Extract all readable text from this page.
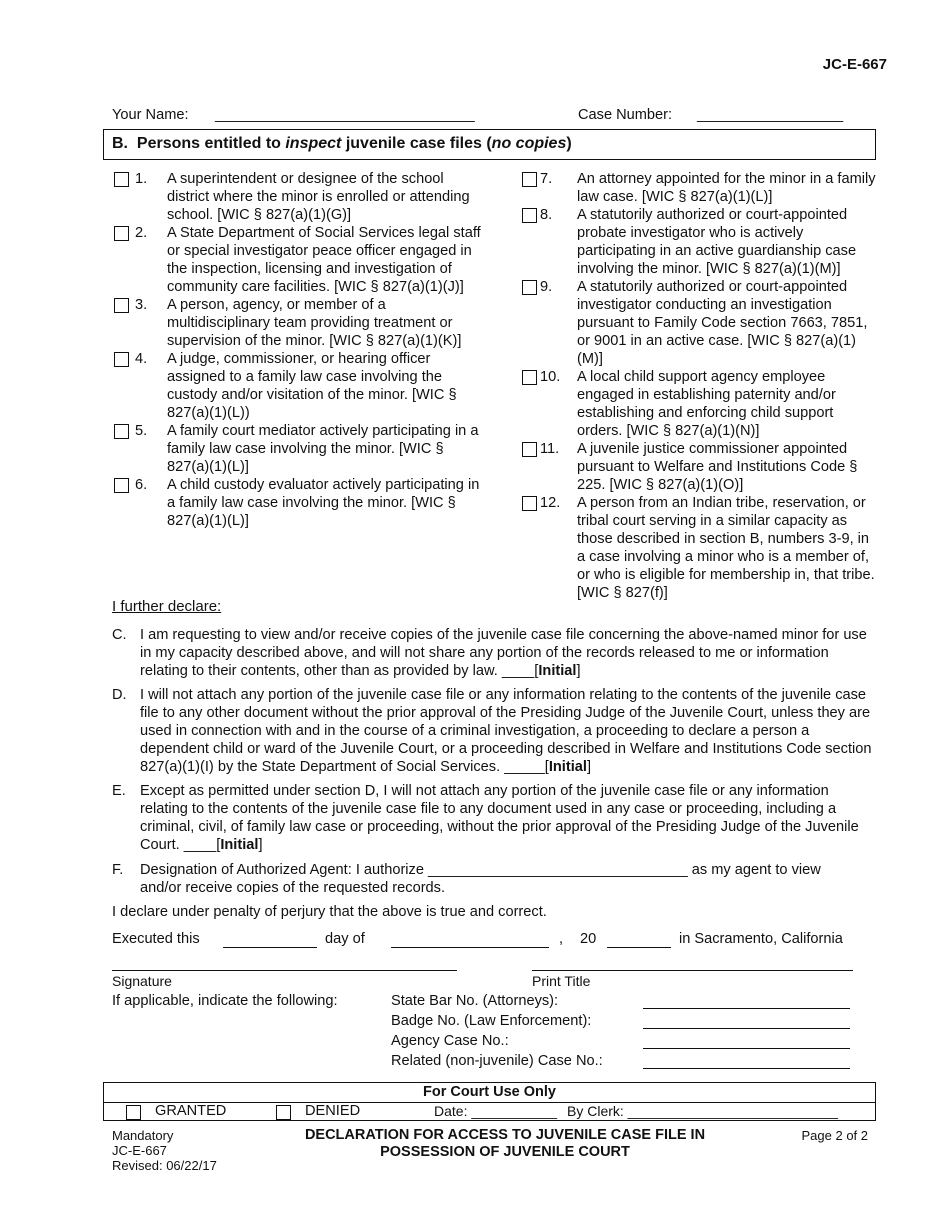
JC-E-667
Your Name: ________________________________	Case Number: __________________
B. Persons entitled to inspect juvenile case files (no copies)

1.	A superintendent or designee of the school district where the minor is enrolled or attending school. [WIC § 827(a)(1)(G)]

2.	A State Department of Social Services legal staff or special investigator peace officer engaged in the inspection, licensing and investigation of community care facilities. [WIC § 827(a)(1)(J)]

3.	A person, agency, or member of a multidisciplinary team providing treatment or supervision of the minor. [WIC § 827(a)(1)(K)]

4.	A judge, commissioner, or hearing officer assigned to a family law case involving the custody and/or visitation of the minor. [WIC § 827(a)(1)(L))

5.	A family court mediator actively participating in a family law case involving the minor. [WIC § 827(a)(1)(L)]

6.	A child custody evaluator actively participating in a family law case involving the minor. [WIC § 827(a)(1)(L)]

7.	An attorney appointed for the minor in a family law case. [WIC § 827(a)(1)(L)]

8.	A statutorily authorized or court-appointed probate investigator who is actively participating in an active guardianship case involving the minor. [WIC § 827(a)(1)(M)]

9.	A statutorily authorized or court-appointed investigator conducting an investigation pursuant to Family Code section 7663, 7851, or 9001 in an active case. [WIC § 827(a)(1)(M)]

10.	A local child support agency employee engaged in establishing paternity and/or establishing and enforcing child support orders. [WIC § 827(a)(1)(N)]

11.	A juvenile justice commissioner appointed pursuant to Welfare and Institutions Code § 225. [WIC § 827(a)(1)(O)]

12.	A person from an Indian tribe, reservation, or tribal court serving in a similar capacity as those described in section B, numbers 3-9, in a case involving a minor who is a member of, or who is eligible for membership in, that tribe. [WIC § 827(f)]

I further declare:
C. I am requesting to view and/or receive copies of the juvenile case file concerning the above-named minor for use in my capacity described above, and will not share any portion of the records released to me or information relating to their contents, other than as provided by law. ____[Initial]
D. I will not attach any portion of the juvenile case file or any information relating to the contents of the juvenile case file to any other document without the prior approval of the Presiding Judge of the Juvenile Court, unless they are used in connection with and in the course of a criminal investigation, a proceeding to declare a person a dependent child or ward of the Juvenile Court, or a proceeding described in Welfare and Institutions Code section 827(a)(1)(I) by the State Department of Social Services. _____[Initial]
E. Except as permitted under section D, I will not attach any portion of the juvenile case file or any information relating to the contents of the juvenile case file to any document used in any case or proceeding, including a criminal, civil, of family law case or proceeding, without the prior approval of the Presiding Judge of the Juvenile Court. ____[Initial]
F. Designation of Authorized Agent: I authorize ________________________________ as my agent to view and/or receive copies of the requested records.
I declare under penalty of perjury that the above is true and correct.
Executed this	day of	, 20	in Sacramento, California
Signature	Print Title
If applicable, indicate the following:	State Bar No. (Attorneys):
Badge No. (Law Enforcement):
Agency Case No.:
Related (non-juvenile) Case No.:
For Court Use Only
GRANTED	DENIED	Date: ___________ By Clerk: ___________________________
Mandatory
JC-E-667
Revised: 06/22/17
DECLARATION FOR ACCESS TO JUVENILE CASE FILE IN
POSSESSION OF JUVENILE COURT
Page 2 of 2
